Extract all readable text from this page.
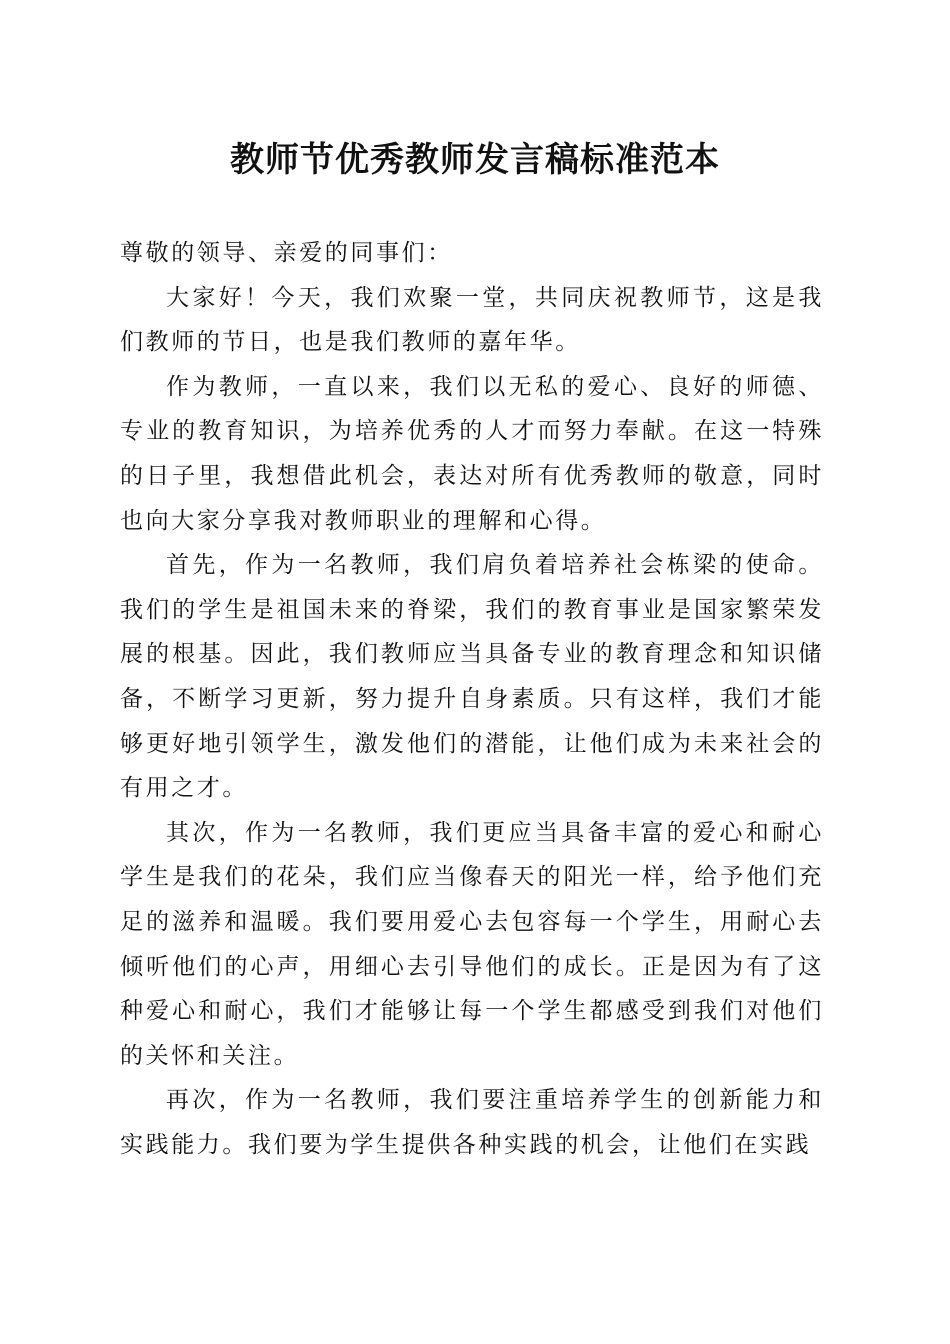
教师节优秀教师发言稿标准范本

尊敬的领导、亲爱的同事们：

大家好！今天，我们欢聚一堂，共同庆祝教师节，这是我们教师的节日，也是我们教师的嘉年华。

作为教师，一直以来，我们以无私的爱心、良好的师德、专业的教育知识，为培养优秀的人才而努力奉献。在这一特殊的日子里，我想借此机会，表达对所有优秀教师的敬意，同时也向大家分享我对教师职业的理解和心得。

首先，作为一名教师，我们肩负着培养社会栋梁的使命。我们的学生是祖国未来的脊梁，我们的教育事业是国家繁荣发展的根基。因此，我们教师应当具备专业的教育理念和知识储备，不断学习更新，努力提升自身素质。只有这样，我们才能够更好地引领学生，激发他们的潜能，让他们成为未来社会的有用之才。

其次，作为一名教师，我们更应当具备丰富的爱心和耐心学生是我们的花朵，我们应当像春天的阳光一样，给予他们充足的滋养和温暖。我们要用爱心去包容每一个学生，用耐心去倾听他们的心声，用细心去引导他们的成长。正是因为有了这种爱心和耐心，我们才能够让每一个学生都感受到我们对他们的关怀和关注。

再次，作为一名教师，我们要注重培养学生的创新能力和实践能力。我们要为学生提供各种实践的机会，让他们在实践
